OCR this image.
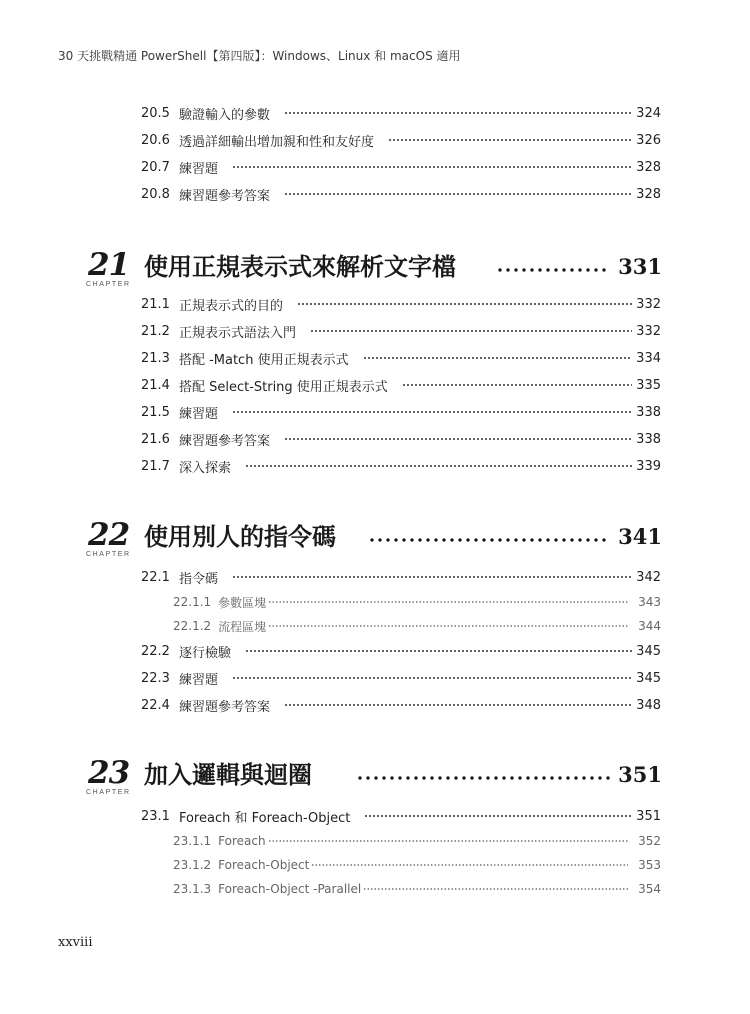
30 天挑戰精通 PowerShell【第四版】：Windows、Linux 和 macOS 適用
20.5 驗證輸入的參數	324
20.6 透過詳細輸出增加親和性和友好度	326
20.7 練習題	328
20.8 練習題參考答案	328
21
CHAPTER
使用正規表示式來解析文字檔	331
21.1 正規表示式的目的	332
21.2 正規表示式語法入門	332
21.3 搭配 -Match 使用正規表示式	334
21.4 搭配 Select-String 使用正規表示式	335
21.5 練習題	338
21.6 練習題參考答案	338
21.7 深入探索	339
22
CHAPTER
使用別人的指令碼	341
22.1 指令碼	342
22.1.1 參數區塊	343
22.1.2 流程區塊	344
22.2 逐行檢驗	345
22.3 練習題	345
22.4 練習題參考答案	348
23
CHAPTER
加入邏輯與迴圈	351
23.1 Foreach 和 Foreach-Object	351
23.1.1 Foreach	352
23.1.2 Foreach-Object	353
23.1.3 Foreach-Object -Parallel	354
xxviii
